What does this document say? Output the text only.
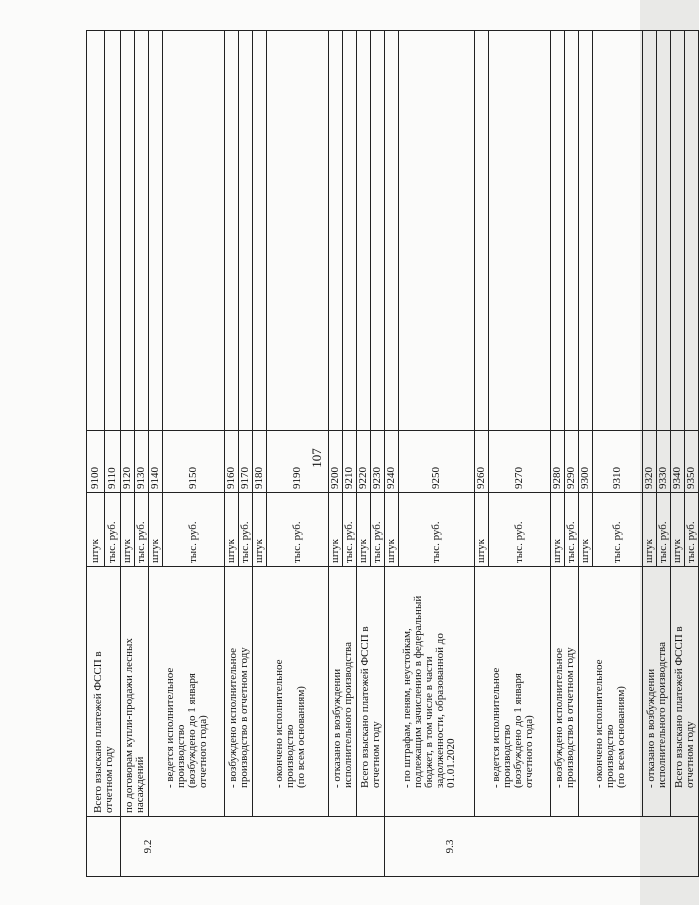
107
	Всего взыскано платежей ФССП в
отчетном году	штук	9100	
		тыс. руб.	9110	
9.2	по договорам купли-продажи лесных
насаждений	штук	9120	
		тыс. руб.	9130	
	- ведется исполнительное
производство
(возбуждено до 1 января
отчетного года)	штук	9140	
		тыс. руб.	9150	
	- возбуждено исполнительное
производство в отчетном году	штук	9160	
		тыс. руб.	9170	
	- окончено исполнительное
производство
(по всем основаниям)	штук	9180	
		тыс. руб.	9190	
	- отказано в возбуждении
исполнительного производства	штук	9200	
		тыс. руб.	9210	
	Всего взыскано платежей ФССП в
отчетном году	штук	9220	
		тыс. руб.	9230	
9.3	- по штрафам, пеням, неустойкам,
подлежащим зачислению в федеральный
бюджет, в том числе в части
задолженности, образованной до
01.01.2020	штук	9240	
		тыс. руб.	9250	
	- ведется исполнительное
производство
(возбуждено до 1 января
отчетного года)	штук	9260	
		тыс. руб.	9270	
	- возбуждено исполнительное
производство в отчетном году	штук	9280	
		тыс. руб.	9290	
	- окончено исполнительное
производство
(по всем основаниям)	штук	9300	
		тыс. руб.	9310	
	- отказано в возбуждении
исполнительного производства	штук	9320	
		тыс. руб.	9330	
	Всего взыскано платежей ФССП в
отчетном году	штук	9340	
		тыс. руб.	9350	
